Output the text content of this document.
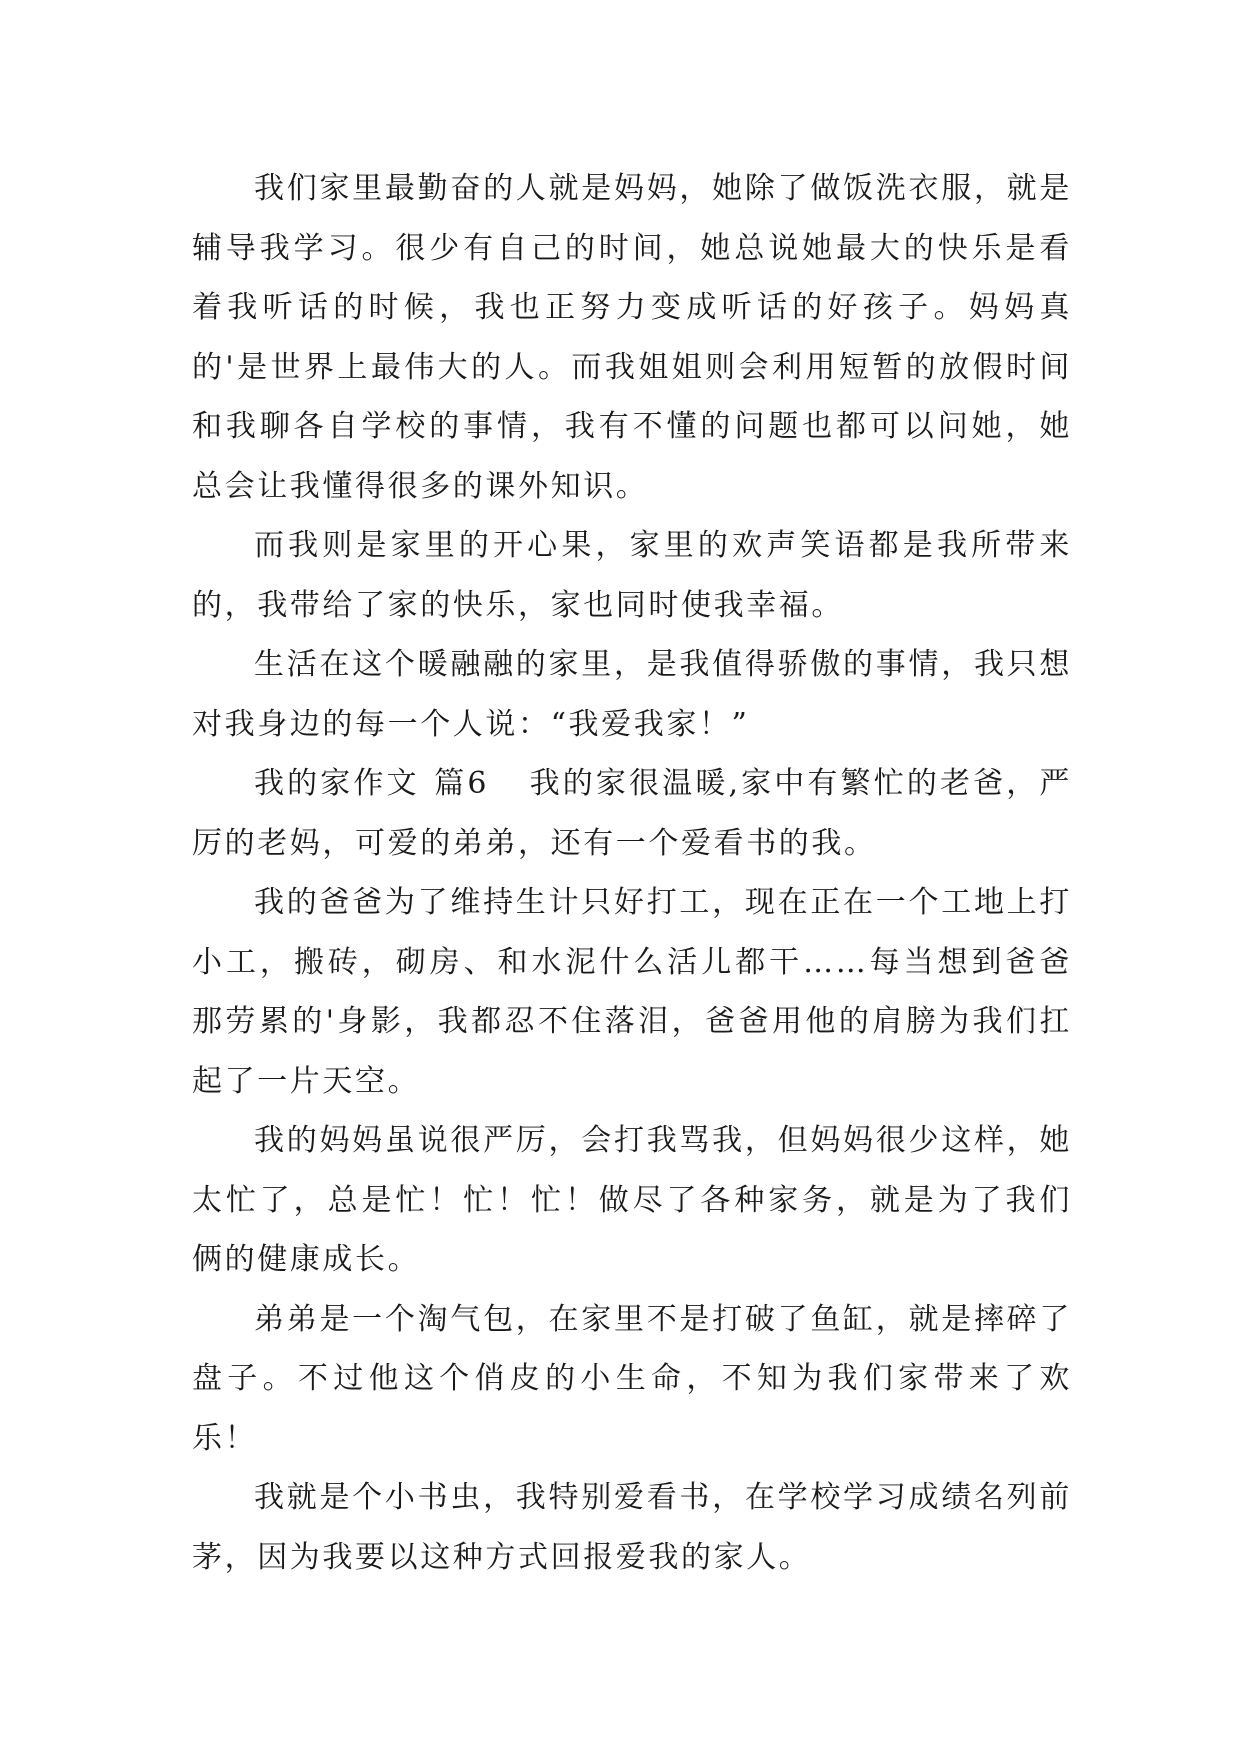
我们家里最勤奋的人就是妈妈，她除了做饭洗衣服，就是辅导我学习。很少有自己的时间，她总说她最大的快乐是看着我听话的时候，我也正努力变成听话的好孩子。妈妈真的'是世界上最伟大的人。而我姐姐则会利用短暂的放假时间和我聊各自学校的事情，我有不懂的问题也都可以问她，她总会让我懂得很多的课外知识。

而我则是家里的开心果，家里的欢声笑语都是我所带来的，我带给了家的快乐，家也同时使我幸福。

生活在这个暖融融的家里，是我值得骄傲的事情，我只想对我身边的每一个人说：“我爱我家！”

我的家作文 篇6 我的家很温暖,家中有繁忙的老爸，严厉的老妈，可爱的弟弟，还有一个爱看书的我。

我的爸爸为了维持生计只好打工，现在正在一个工地上打小工，搬砖，砌房、和水泥什么活儿都干……每当想到爸爸那劳累的'身影，我都忍不住落泪，爸爸用他的肩膀为我们扛起了一片天空。

我的妈妈虽说很严厉，会打我骂我，但妈妈很少这样，她太忙了，总是忙！忙！忙！做尽了各种家务，就是为了我们俩的健康成长。

弟弟是一个淘气包，在家里不是打破了鱼缸，就是摔碎了盘子。不过他这个俏皮的小生命，不知为我们家带来了欢乐！

我就是个小书虫，我特别爱看书，在学校学习成绩名列前茅，因为我要以这种方式回报爱我的家人。
